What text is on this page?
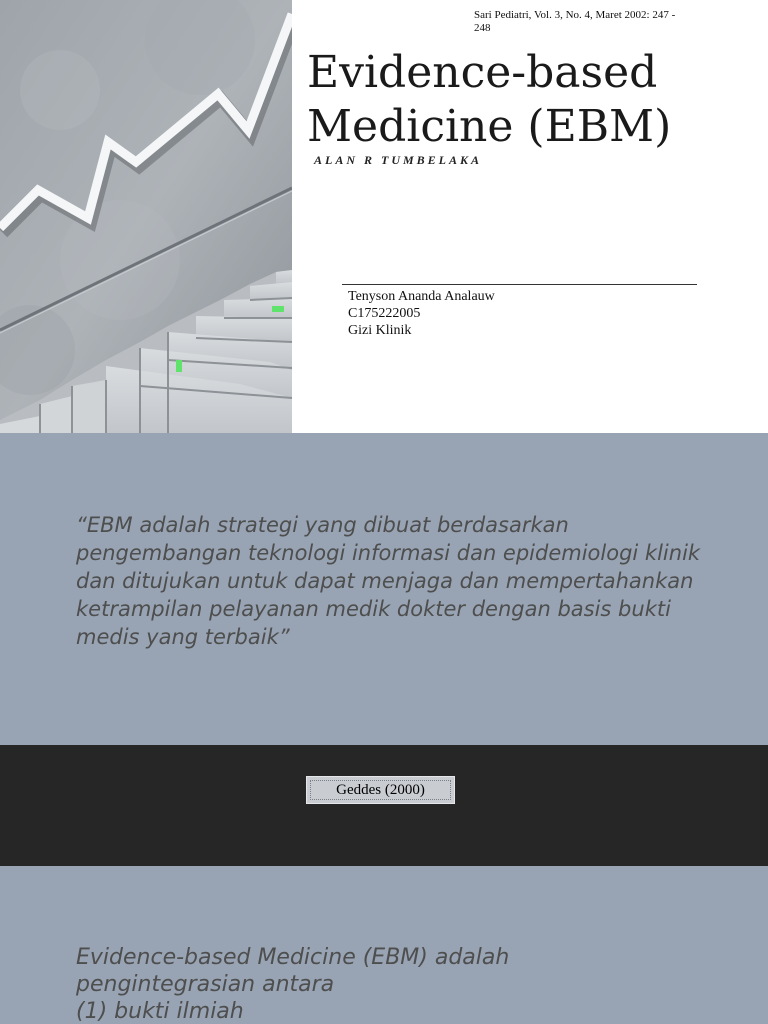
Sari Pediatri, Vol. 3, No. 4, Maret 2002: 247 - 248
Evidence-based
Medicine (EBM)
ALAN R TUMBELAKA
Tenyson Ananda Analauw
C175222005
Gizi Klinik

“EBM adalah strategi yang dibuat berdasarkan pengembangan teknologi informasi dan epidemiologi klinik dan ditujukan untuk dapat menjaga dan mempertahankan ketrampilan pelayanan medik dokter dengan basis bukti medis yang terbaik”

Geddes (2000)
Evidence-based Medicine (EBM) adalah
pengintegrasian antara
(1) bukti ilmiah
